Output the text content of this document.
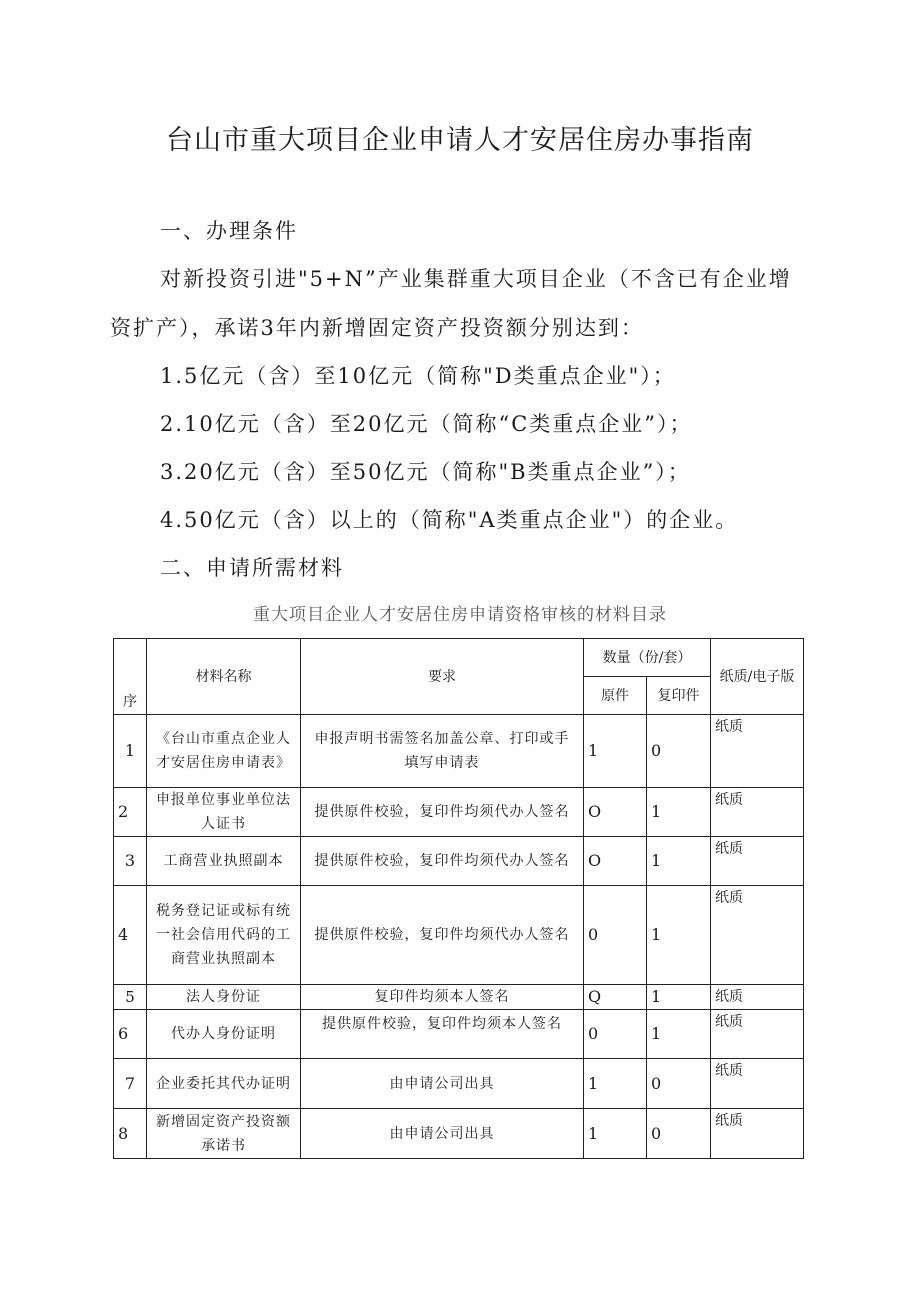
台山市重大项目企业申请人才安居住房办事指南
一、办理条件
对新投资引进"5+N”产业集群重大项目企业（不含已有企业增
资扩产），承诺3年内新增固定资产投资额分别达到：
1.5亿元（含）至10亿元（简称"D类重点企业"）；
2.10亿元（含）至20亿元（简称“C类重点企业”）；
3.20亿元（含）至50亿元（简称"B类重点企业”）；
4.50亿元（含）以上的（简称"A类重点企业"）的企业。
二、申请所需材料
重大项目企业人才安居住房申请资格审核的材料目录
序	材料名称	要求	数量（份/套）		纸质/电子版
			原件	复印件	
1	《台山市重点企业人才安居住房申请表》	申报声明书需签名加盖公章、打印或手填写申请表	1	0	纸质
2	申报单位事业单位法人证书	提供原件校验，复印件均须代办人签名	O	1	纸质
3	工商营业执照副本	提供原件校验，复印件均须代办人签名	O	1	纸质
4	税务登记证或标有统一社会信用代码的工商营业执照副本	提供原件校验，复印件均须代办人签名	0	1	纸质
5	法人身份证	复印件均须本人签名	Q	1	纸质
6	代办人身份证明	提供原件校验，复印件均须本人签名	0	1	纸质
7	企业委托其代办证明	由申请公司出具	1	0	纸质
8	新增固定资产投资额承诺书	由申请公司出具	1	0	纸质
